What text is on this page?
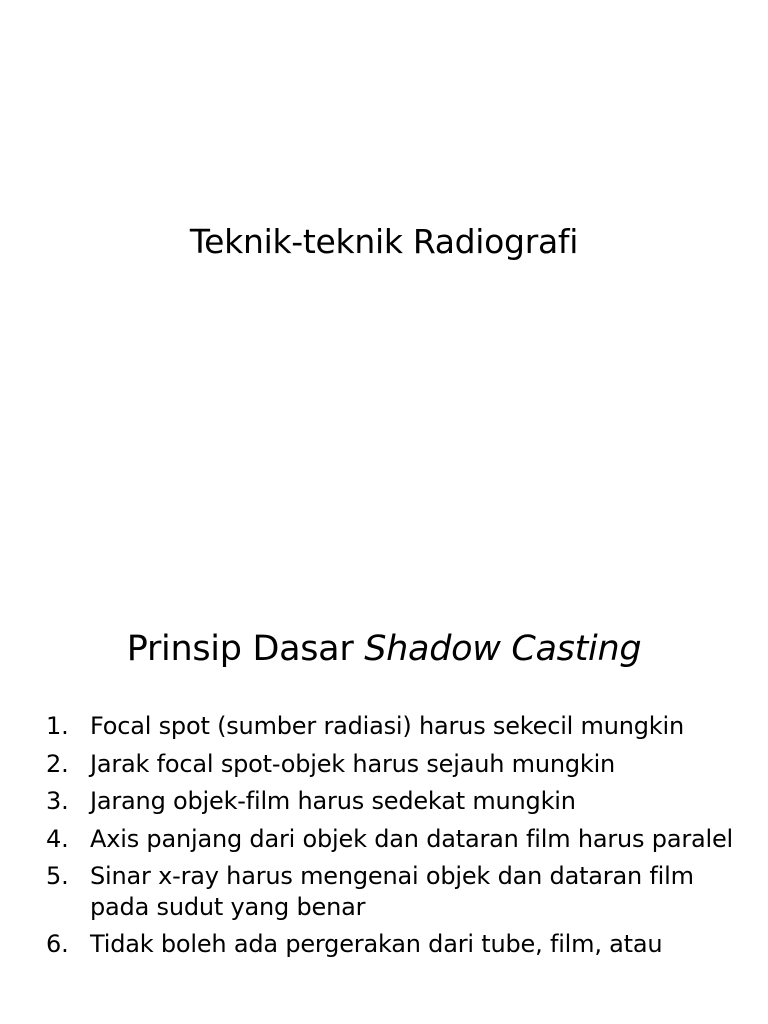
Teknik-teknik Radiografi
Prinsip Dasar Shadow Casting
1. Focal spot (sumber radiasi) harus sekecil mungkin
2. Jarak focal spot-objek harus sejauh mungkin
3. Jarang objek-film harus sedekat mungkin
4. Axis panjang dari objek dan dataran film harus paralel
5. Sinar x-ray harus mengenai objek dan dataran film pada sudut yang benar
6. Tidak boleh ada pergerakan dari tube, film, atau
